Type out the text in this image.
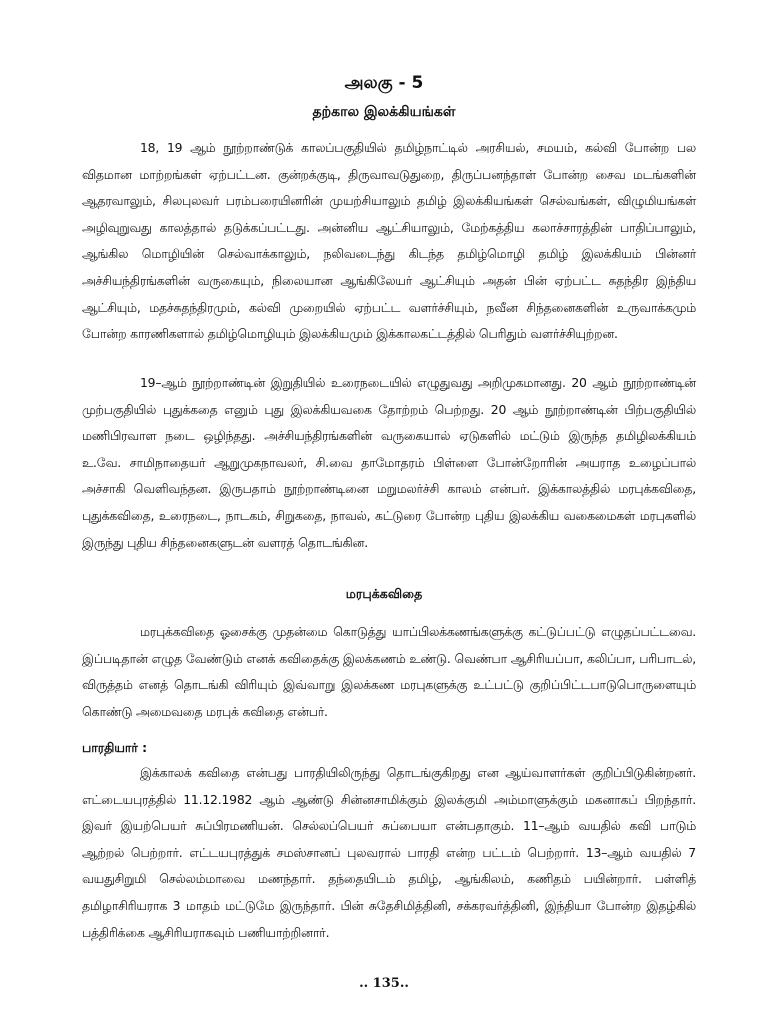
அலகு - 5
தற்கால இலக்கியங்கள்
18, 19 ஆம் நூற்றாண்டுக் காலப்பகுதியில் தமிழ்நாட்டில் அரசியல், சமயம், கல்வி போன்ற பல விதமான மாற்றங்கள் ஏற்பட்டன. குன்றக்குடி, திருவாவடுதுறை, திருப்பனந்தாள் போன்ற சைவ மடங்களின் ஆதரவாலும், சிலபுலவர் பரம்பரையினரின் முயற்சியாலும் தமிழ் இலக்கியங்கள் செல்வங்கள், விழுமியங்கள் அழிவுறுவது காலத்தால் தடுக்கப்பட்டது. அன்னிய ஆட்சியாலும், மேற்கத்திய கலாச்சாரத்தின் பாதிப்பாலும், ஆங்கில மொழியின் செல்வாக்காலும், நலிவடைந்து கிடந்த தமிழ்மொழி தமிழ் இலக்கியம் பின்னர் அச்சியந்திரங்களின் வருகையும், நிலையான ஆங்கிலேயர் ஆட்சியும் அதன் பின் ஏற்பட்ட சுதந்திர இந்திய ஆட்சியும், மதச்சுதந்திரமும், கல்வி முறையில் ஏற்பட்ட வளர்ச்சியும், நவீன சிந்தனைகளின் உருவாக்கமும் போன்ற காரணிகளால் தமிழ்மொழியும் இலக்கியமும் இக்காலகட்டத்தில் பெரிதும் வளர்ச்சியுற்றன.
19–ஆம் நூற்றாண்டின் இறுதியில் உரைநடையில் எழுதுவது அறிமுகமானது. 20 ஆம் நூற்றாண்டின் முற்பகுதியில் புதுக்கதை எனும் புது இலக்கியவகை தோற்றம் பெற்றது. 20 ஆம் நூற்றாண்டின் பிற்பகுதியில் மணிபிரவாள நடை ஒழிந்தது. அச்சியந்திரங்களின் வருகையால் ஏடுகளில் மட்டும் இருந்த தமிழிலக்கியம் உ.வே. சாமிநாதையர் ஆறுமுகநாவலர், சி.வை தாமோதரம் பிள்ளை போன்றோரின் அயராத உழைப்பால் அச்சாகி வெளிவந்தன. இருபதாம் நூற்றாண்டினை மறுமலர்ச்சி காலம் என்பர். இக்காலத்தில் மரபுக்கவிதை, புதுக்கவிதை, உரைநடை, நாடகம், சிறுகதை, நாவல், கட்டுரை போன்ற புதிய இலக்கிய வகைமைகள் மரபுகளில் இருந்து புதிய சிந்தனைகளுடன் வளரத் தொடங்கின.
மரபுக்கவிதை
மரபுக்கவிதை ஓசைக்கு முதன்மை கொடுத்து யாப்பிலக்கணங்களுக்கு கட்டுப்பட்டு எழுதப்பட்டவை. இப்படிதான் எழுத வேண்டும் எனக் கவிதைக்கு இலக்கணம் உண்டு. வெண்பா ஆசிரியப்பா, கலிப்பா, பரிபாடல், விருத்தம் எனத் தொடங்கி விரியும் இவ்வாறு இலக்கண மரபுகளுக்கு உட்பட்டு குறிப்பிட்டபாடுபொருளையும் கொண்டு அமைவதை மரபுக் கவிதை என்பர்.
பாரதியார் :
இக்காலக் கவிதை என்பது பாரதியிலிருந்து தொடங்குகிறது என ஆய்வாளர்கள் குறிப்பிடுகின்றனர். எட்டையபுரத்தில் 11.12.1982 ஆம் ஆண்டு சின்னசாமிக்கும் இலக்குமி அம்மாளுக்கும் மகனாகப் பிறந்தார். இவர் இயற்பெயர் சுப்பிரமணியன். செல்லப்பெயர் சுப்பையா என்பதாகும். 11–ஆம் வயதில் கவி பாடும் ஆற்றல் பெற்றார். எட்டயபுரத்துக் சமஸ்சானப் புலவரால் பாரதி என்ற பட்டம் பெற்றார். 13–ஆம் வயதில் 7 வயதுசிறுமி செல்லம்மாவை மணந்தார். தந்தையிடம் தமிழ், ஆங்கிலம், கணிதம் பயின்றார். பள்ளித் தமிழாசிரியராக 3 மாதம் மட்டுமே இருந்தார். பின் சுதேசிமித்தினி, சக்கரவர்த்தினி, இந்தியா போன்ற இதழ்கில் பத்திரிக்கை ஆசிரியராகவும் பணியாற்றினார்.
.. 135..
